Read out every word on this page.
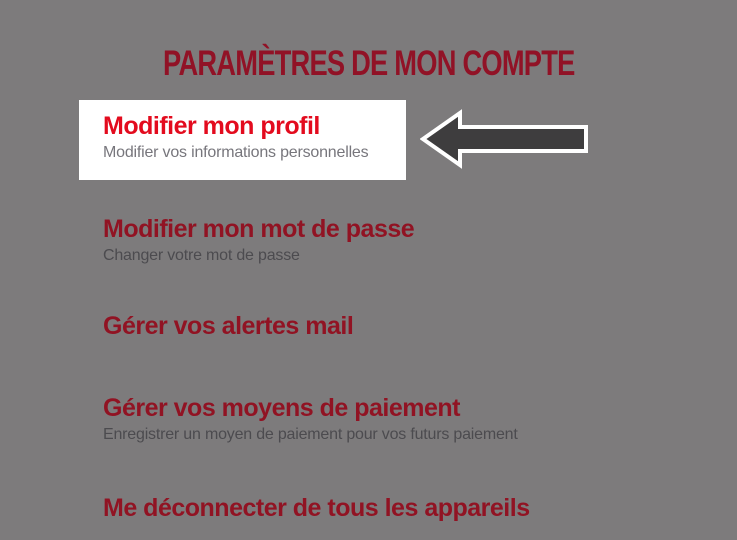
PARAMÈTRES DE MON COMPTE
Modifier mon profil
Modifier vos informations personnelles
Modifier mon mot de passe
Changer votre mot de passe
Gérer vos alertes mail
Gérer vos moyens de paiement
Enregistrer un moyen de paiement pour vos futurs paiement
Me déconnecter de tous les appareils
